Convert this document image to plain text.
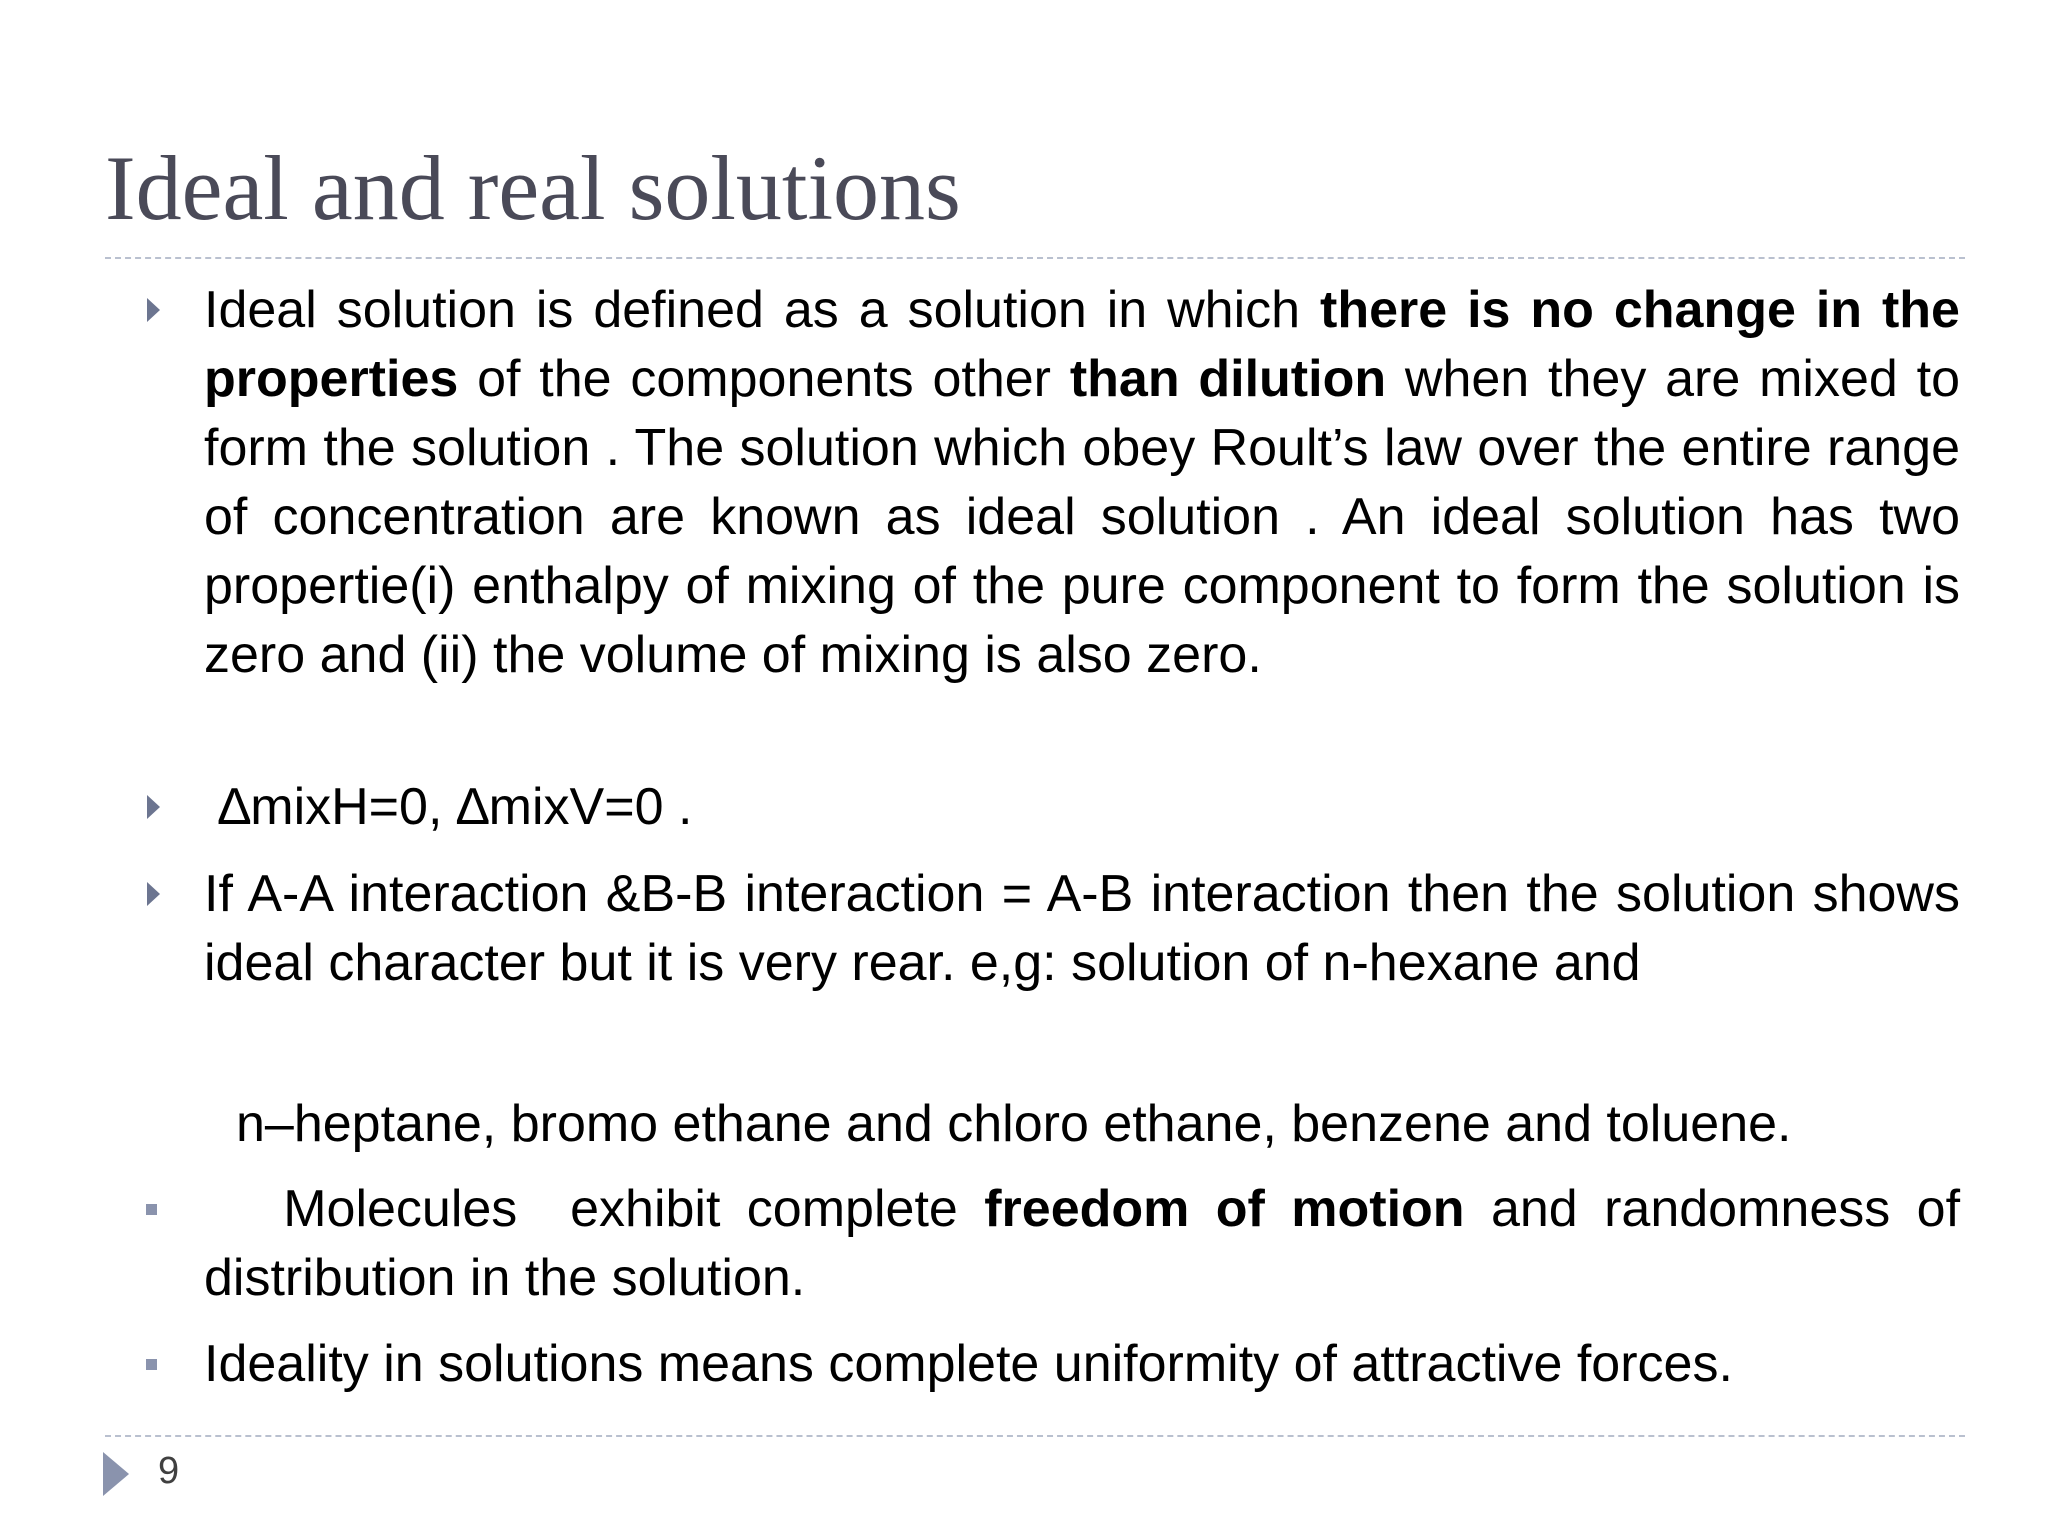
Ideal and real solutions
Ideal solution is defined as a solution in which there is no change in the properties of the components other than dilution when they are mixed to form the solution . The solution which obey Roult’s law over the entire range of concentration are known as ideal solution . An ideal solution has two propertie(i) enthalpy of mixing of the pure component to form the solution is zero and (ii) the volume of mixing is also zero.
∆mixH=0, ∆mixV=0 .
If A-A interaction &B-B interaction = A-B interaction then the solution shows ideal character but it is very rear. e,g: solution of n-hexane and
n–heptane, bromo ethane and chloro ethane, benzene and toluene.
Molecules  exhibit complete freedom of motion and randomness of distribution in the solution.
Ideality in solutions means complete uniformity of attractive forces.
9
